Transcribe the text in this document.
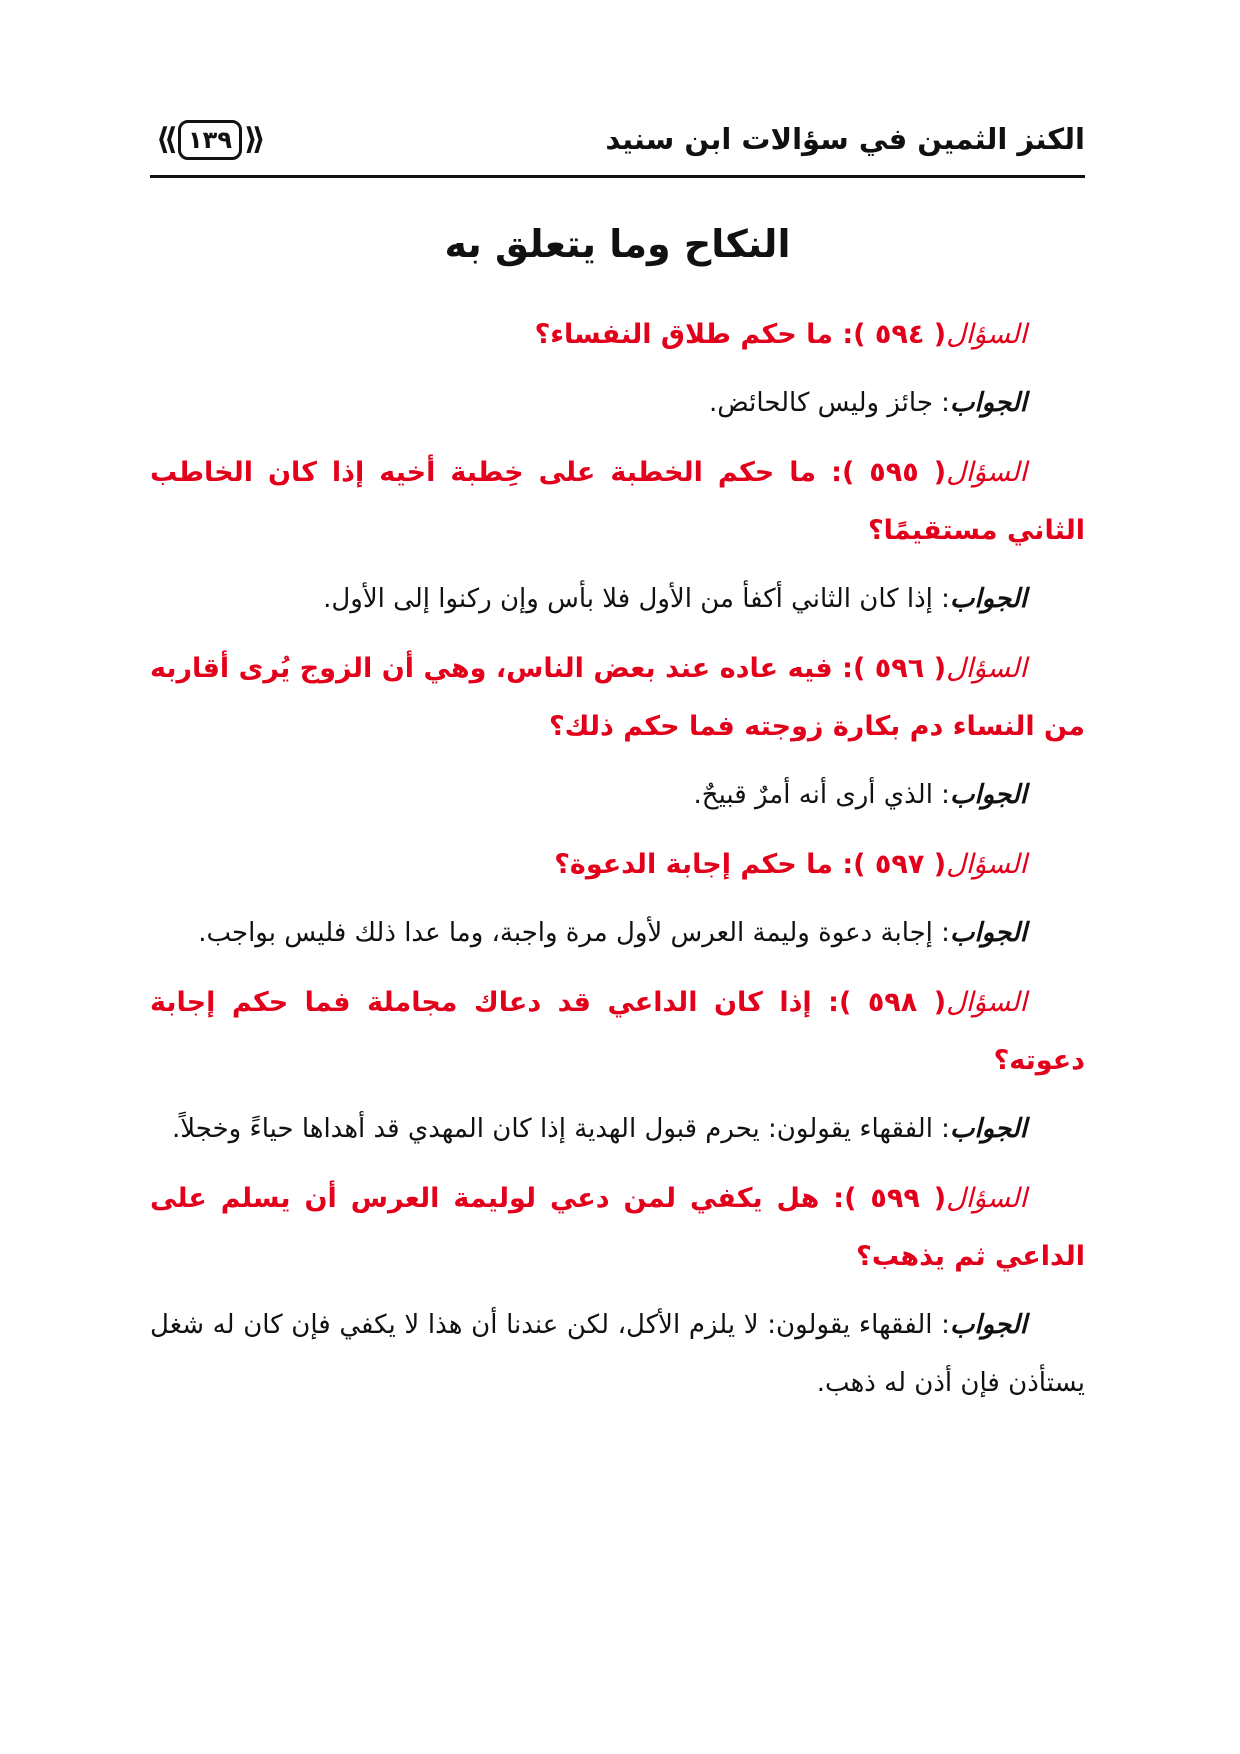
الكنز الثمين في سؤالات ابن سنيد
⟪ ١٣٩ ⟫
النكاح وما يتعلق به

السؤال( ٥٩٤ ): ما حكم طلاق النفساء؟

الجواب: جائز وليس كالحائض.

السؤال( ٥٩٥ ): ما حكم الخطبة على خِطبة أخيه إذا كان الخاطب الثاني مستقيمًا؟

الجواب: إذا كان الثاني أكفأ من الأول فلا بأس وإن ركنوا إلى الأول.

السؤال( ٥٩٦ ): فيه عاده عند بعض الناس، وهي أن الزوج يُرى أقاربه من النساء دم بكارة زوجته فما حكم ذلك؟

الجواب: الذي أرى أنه أمرٌ قبيحٌ.

السؤال( ٥٩٧ ): ما حكم إجابة الدعوة؟

الجواب: إجابة دعوة وليمة العرس لأول مرة واجبة، وما عدا ذلك فليس بواجب.

السؤال( ٥٩٨ ): إذا كان الداعي قد دعاك مجاملة فما حكم إجابة دعوته؟

الجواب: الفقهاء يقولون: يحرم قبول الهدية إذا كان المهدي قد أهداها حياءً وخجلاً.

السؤال( ٥٩٩ ): هل يكفي لمن دعي لوليمة العرس أن يسلم على الداعي ثم يذهب؟

الجواب: الفقهاء يقولون: لا يلزم الأكل، لكن عندنا أن هذا لا يكفي فإن كان له شغل يستأذن فإن أذن له ذهب.
